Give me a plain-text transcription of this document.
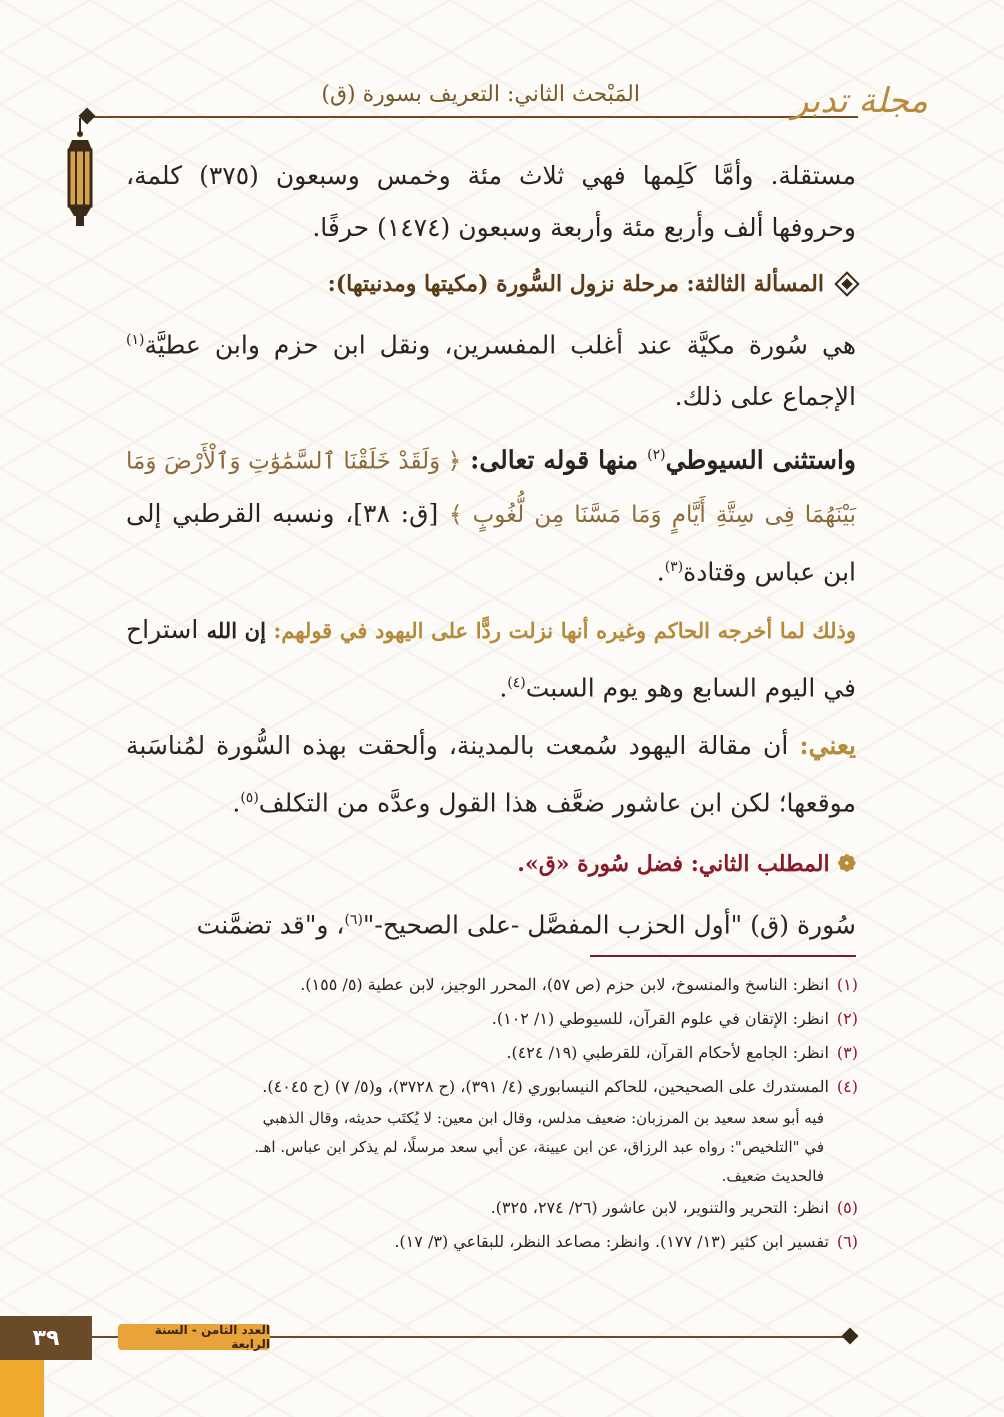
المَبْحث الثاني: التعريف بسورة (ق)	مجلة تدبر

مستقلة. وأمَّا كَلِمها فهي ثلاث مئة وخمس وسبعون (٣٧٥) كلمة، وحروفها ألف وأربع مئة وأربعة وسبعون (١٤٧٤) حرفًا.

المسألة الثالثة: مرحلة نزول السُّورة (مكيتها ومدنيتها):

هي سُورة مكيَّة عند أغلب المفسرين، ونقل ابن حزم وابن عطيَّة$^{(١)}$ الإجماع على ذلك.

واستثنى السيوطي$^{(٢)}$ منها قوله تعالى: ﴿ وَلَقَدْ خَلَقْنَا ٱلسَّمَٰوَٰتِ وَٱلْأَرْضَ وَمَا بَيْنَهُمَا فِى سِتَّةِ أَيَّامٍ وَمَا مَسَّنَا مِن لُّغُوبٍ ﴾ [ق: ٣٨]، ونسبه القرطبي إلى ابن عباس وقتادة$^{(٣)}$.

وذلك لما أخرجه الحاكم وغيره أنها نزلت ردًّا على اليهود في قولهم: إن الله استراح في اليوم السابع وهو يوم السبت$^{(٤)}$.

يعني: أن مقالة اليهود سُمعت بالمدينة، وألحقت بهذه السُّورة لمُناسَبة موقعها؛ لكن ابن عاشور ضعَّف هذا القول وعدَّه من التكلف$^{(٥)}$.

❁المطلب الثاني: فضل سُورة «ق».

سُورة (ق) "أول الحزب المفصَّل -على الصحيح-"$^{(٦)}$، و"قد تضمَّنت

(١)انظر: الناسخ والمنسوخ، لابن حزم (ص ٥٧)، المحرر الوجيز، لابن عطية (٥/ ١٥٥).

(٢)انظر: الإتقان في علوم القرآن، للسيوطي (١/ ١٠٢).

(٣)انظر: الجامع لأحكام القرآن، للقرطبي (١٩/ ٤٢٤).

(٤)المستدرك على الصحيحين، للحاكم النيسابوري (٤/ ٣٩١)، (ح ٣٧٢٨)، و(٥/ ٧) (ح ٤٠٤٥).

فيه أبو سعد سعيد بن المرزبان: ضعيف مدلس، وقال ابن معين: لا يُكتَب حديثه، وقال الذهبي
في "التلخيص": رواه عبد الرزاق، عن ابن عيينة، عن أبي سعد مرسلًا، لم يذكر ابن عباس. اهـ.
فالحديث ضعيف.

(٥)انظر: التحرير والتنوير، لابن عاشور (٢٦/ ٢٧٤، ٣٢٥).

(٦)تفسير ابن كثير (١٣/ ١٧٧). وانظر: مصاعد النظر، للبقاعي (٣/ ١٧).

العدد الثامن - السنة الرابعة
٣٩
